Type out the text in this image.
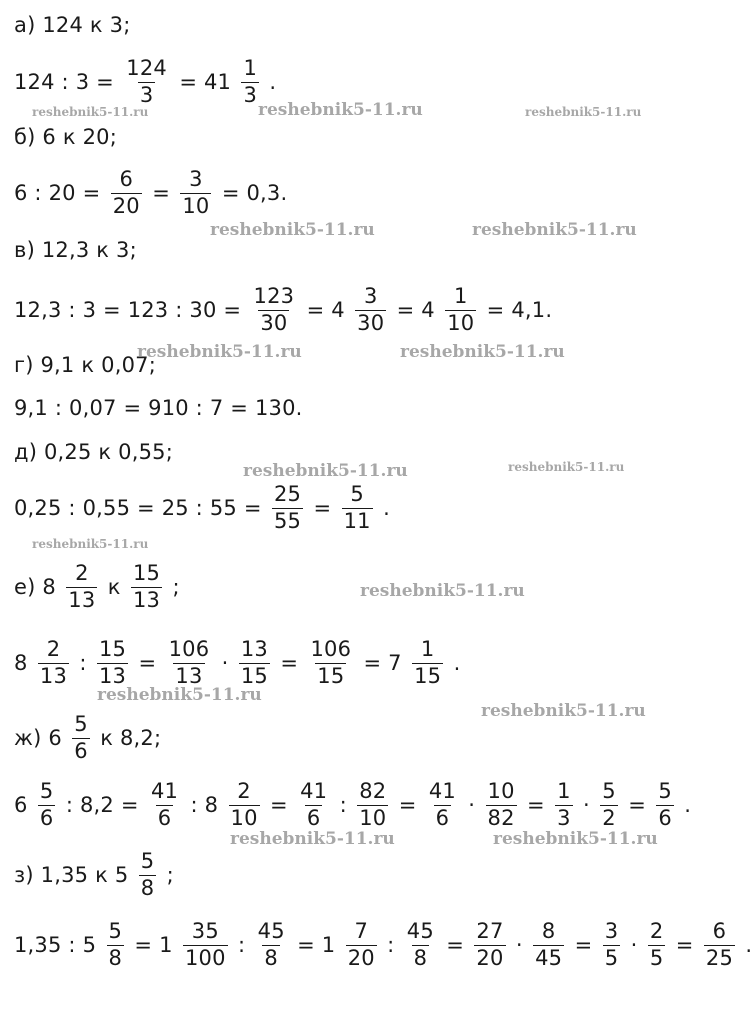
а) 124 к 3;
124 : $3 = \frac{124}{3} = 41 \frac{1}{3}$ .
б) 6 к 20;
6 : $20 = \frac{6}{20} = \frac{3}{10} = 0,3$.
в) 12,3 к 3;
12,3 : 3 = 123 : $30 = \frac{123}{30} = 4 \frac{3}{30} = 4 \frac{1}{10} = 4,1$.
г) 9,1 к 0,07;
9,1 : 0,07 = 910 : 7 = 130.
д) 0,25 к 0,55;
0,25 : 0,55 = 25 : $55 = \frac{25}{55} = \frac{5}{11}$ .
е) $8 \frac{2}{13}$ к $\frac{15}{13}$ ;
$8 \frac{2}{13}$ : $\frac{15}{13} = \frac{106}{13} \cdot \frac{13}{15} = \frac{106}{15} = 7 \frac{1}{15}$ .
ж) $6 \frac{5}{6}$ к 8,2;
$6 \frac{5}{6}$ : $8,2 = \frac{41}{6}$ : $8 \frac{2}{10} = \frac{41}{6}$ : $\frac{82}{10} = \frac{41}{6} \cdot \frac{10}{82} = \frac{1}{3} \cdot \frac{5}{2} = \frac{5}{6}$ .
з) 1,35 к $5 \frac{5}{8}$ ;
1,35 : $5 \frac{5}{8} = 1 \frac{35}{100}$ : $\frac{45}{8} = 1 \frac{7}{20}$ : $\frac{45}{8} = \frac{27}{20} \cdot \frac{8}{45} = \frac{3}{5} \cdot \frac{2}{5} = \frac{6}{25}$ .
reshebnik5-11.ru	reshebnik5-11.ru	reshebnik5-11.ru
reshebnik5-11.ru	reshebnik5-11.ru
reshebnik5-11.ru	reshebnik5-11.ru
reshebnik5-11.ru	reshebnik5-11.ru
reshebnik5-11.ru
reshebnik5-11.ru
reshebnik5-11.ru
reshebnik5-11.ru
reshebnik5-11.ru	reshebnik5-11.ru
